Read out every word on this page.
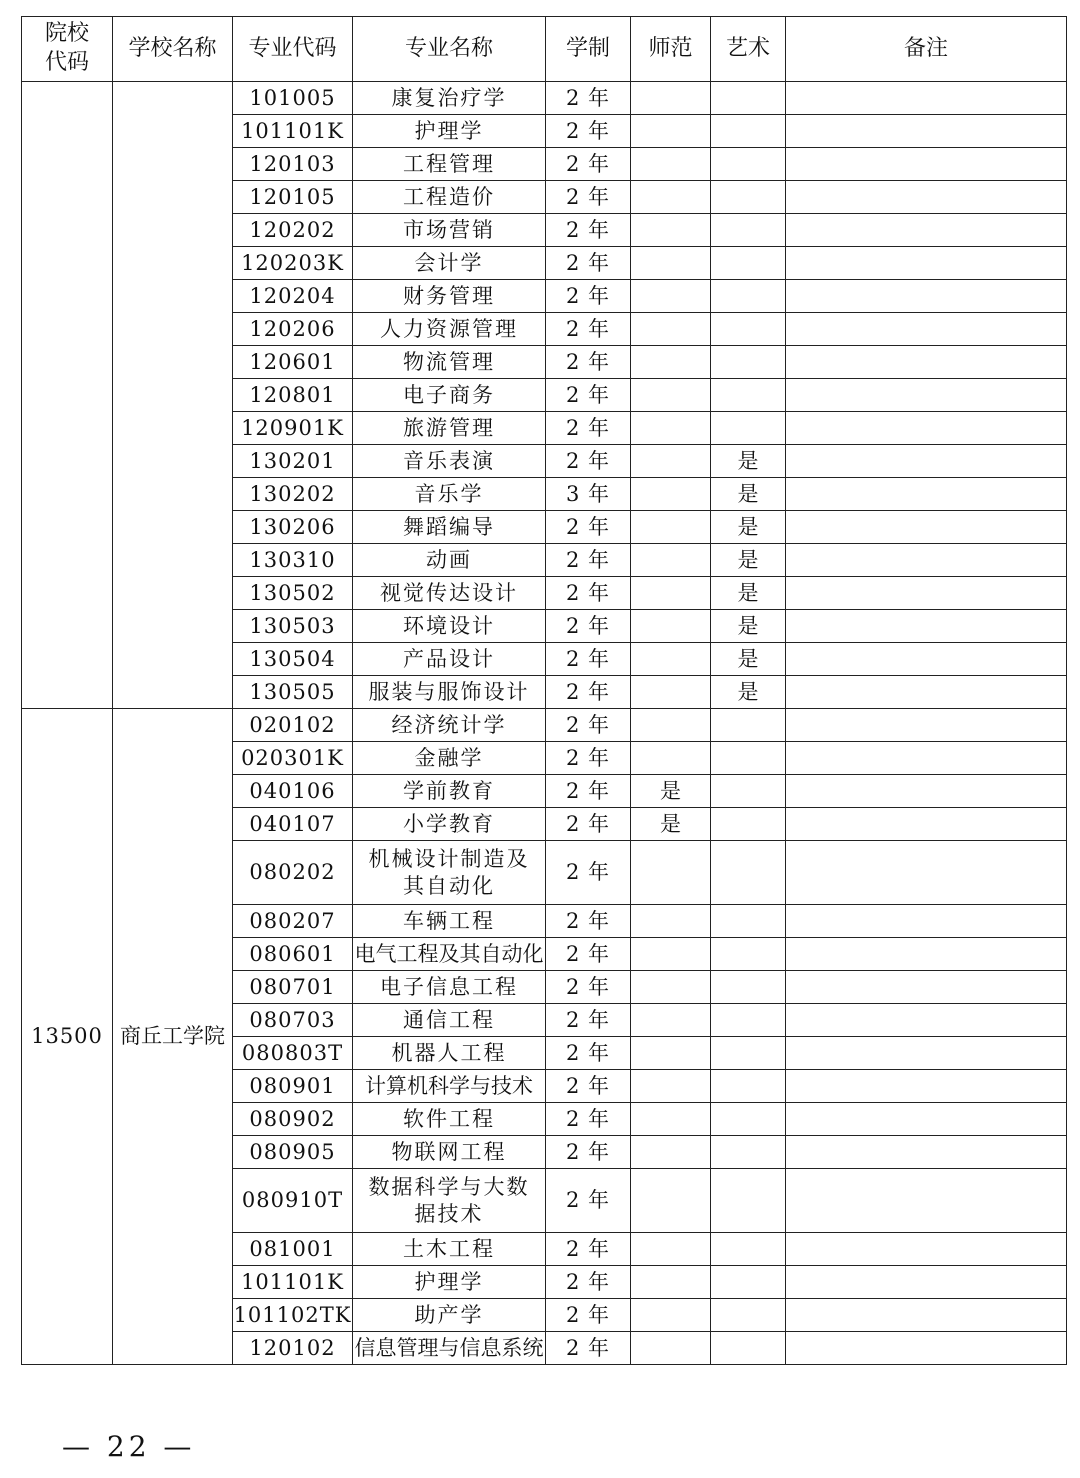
院校
代码	学校名称	专业代码	专业名称	学制	师范	艺术	备注
		101005	康复治疗学	2 年			
		101101K	护理学	2 年			
		120103	工程管理	2 年			
		120105	工程造价	2 年			
		120202	市场营销	2 年			
		120203K	会计学	2 年			
		120204	财务管理	2 年			
		120206	人力资源管理	2 年			
		120601	物流管理	2 年			
		120801	电子商务	2 年			
		120901K	旅游管理	2 年			
		130201	音乐表演	2 年		是	
		130202	音乐学	3 年		是	
		130206	舞蹈编导	2 年		是	
		130310	动画	2 年		是	
		130502	视觉传达设计	2 年		是	
		130503	环境设计	2 年		是	
		130504	产品设计	2 年		是	
		130505	服装与服饰设计	2 年		是	
13500	商丘工学院	020102	经济统计学	2 年			
		020301K	金融学	2 年			
		040106	学前教育	2 年	是		
		040107	小学教育	2 年	是		
		080202	机械设计制造及
其自动化	2 年			
		080207	车辆工程	2 年			
		080601	电气工程及其自动化	2 年			
		080701	电子信息工程	2 年			
		080703	通信工程	2 年			
		080803T	机器人工程	2 年			
		080901	计算机科学与技术	2 年			
		080902	软件工程	2 年			
		080905	物联网工程	2 年			
		080910T	数据科学与大数
据技术	2 年			
		081001	土木工程	2 年			
		101101K	护理学	2 年			
		101102TK	助产学	2 年			
		120102	信息管理与信息系统	2 年			
— 22 —
